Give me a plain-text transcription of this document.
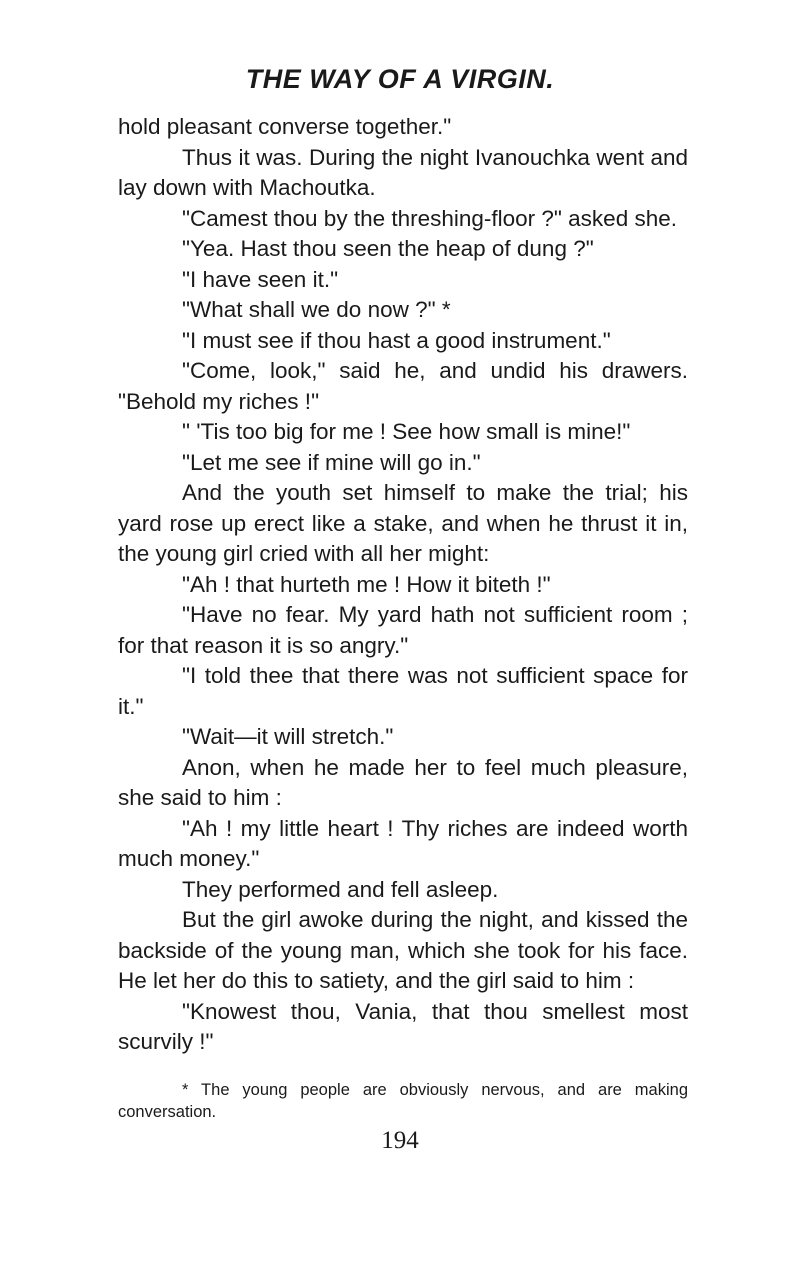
THE WAY OF A VIRGIN.

hold pleasant converse together."

Thus it was. During the night Ivanouchka went and lay down with Machoutka.

"Camest thou by the threshing-floor ?" asked she.

"Yea. Hast thou seen the heap of dung ?"

"I have seen it."

"What shall we do now ?" *

"I must see if thou hast a good instrument."

"Come, look," said he, and undid his drawers. "Behold my riches !"

" 'Tis too big for me ! See how small is mine!"

"Let me see if mine will go in."

And the youth set himself to make the trial; his yard rose up erect like a stake, and when he thrust it in, the young girl cried with all her might:

"Ah ! that hurteth me ! How it biteth !"

"Have no fear. My yard hath not sufficient room ; for that reason it is so angry."

"I told thee that there was not sufficient space for it."

"Wait—it will stretch."

Anon, when he made her to feel much pleasure, she said to him :

"Ah ! my little heart ! Thy riches are indeed worth much money."

They performed and fell asleep.

But the girl awoke during the night, and kissed the backside of the young man, which she took for his face. He let her do this to satiety, and the girl said to him :

"Knowest thou, Vania, that thou smellest most scurvily !"

* The young people are obviously nervous, and are making conversation.

194
